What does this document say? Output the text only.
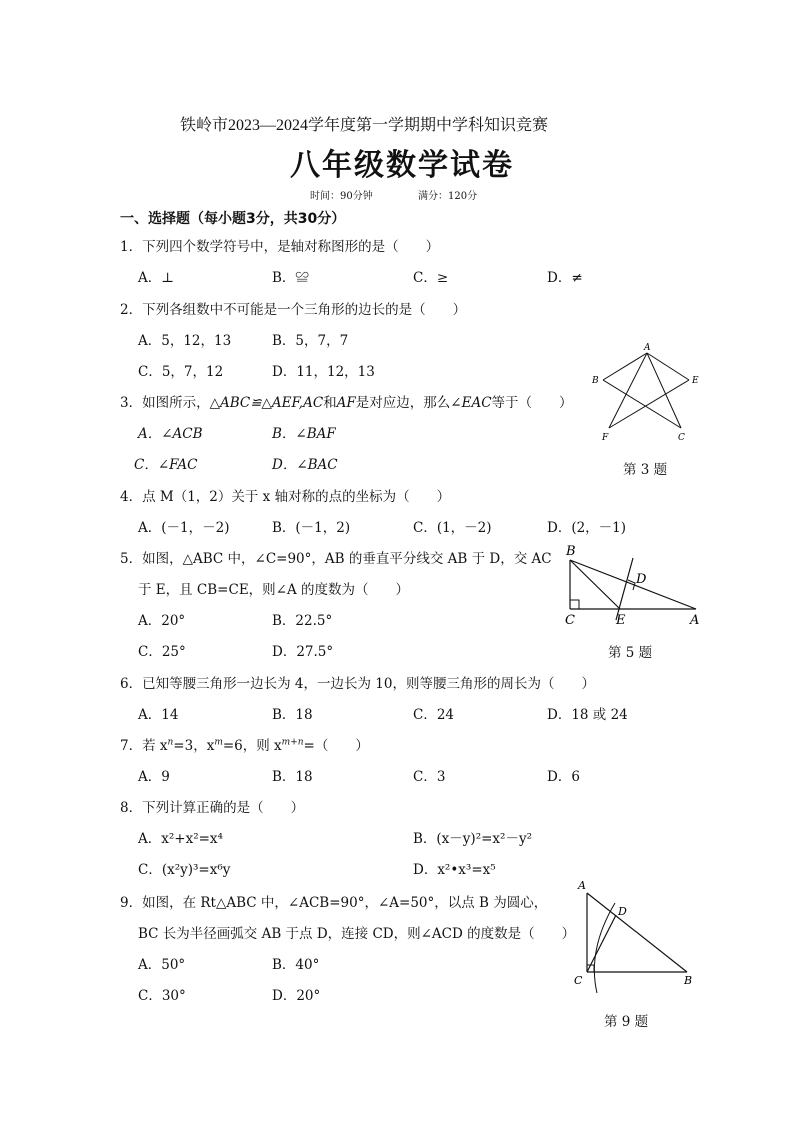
铁岭市2023—2024学年度第一学期期中学科知识竞赛
八年级数学试卷
时间：90分钟	满分：120分
一、选择题（每小题3分，共30分）
1．下列四个数学符号中，是轴对称图形的是（　　）
A．⊥	B．≌	C．≥	D．≠
2．下列各组数中不可能是一个三角形的边长的是（　　）
A．5，12，13	B．5，7，7
C．5，7，12	D．11，12，13
3．如图所示，△ABC≌△AEF,AC和AF是对应边，那么∠EAC等于（　　）
A．∠ACB	B．∠BAF
C．∠FAC	D．∠BAC
A
B	E
F	C
第 3 题
4．点 M（1，2）关于 x 轴对称的点的坐标为（　　）
A．(－1，－2)	B．(－1，2)	C．(1，－2)	D．(2，－1)
5．如图，△ABC 中，∠C=90°，AB 的垂直平分线交 AB 于 D，交 AC
于 E，且 CB=CE，则∠A 的度数为（　　）
A．20°	B．22.5°
C．25°	D．27.5°
B
D
C	E	A
第 5 题
6．已知等腰三角形一边长为 4，一边长为 10，则等腰三角形的周长为（　　）
A．14	B．18	C．24	D．18 或 24
7．若 $x^n=3$，$x^m=6$，则 $x^{m+n}=$（　　）
A．9	B．18	C．3	D．6
8．下列计算正确的是（　　）
A．x²+x²=x⁴	B．(x－y)²=x²－y²
C．(x²y)³=x⁶y	D．x²•x³=x⁵
9．如图，在 Rt△ABC 中，∠ACB=90°，∠A=50°，以点 B 为圆心，
BC 长为半径画弧交 AB 于点 D，连接 CD，则∠ACD 的度数是（　　）
A．50°	B．40°
C．30°	D．20°
A
D
C	B
第 9 题
